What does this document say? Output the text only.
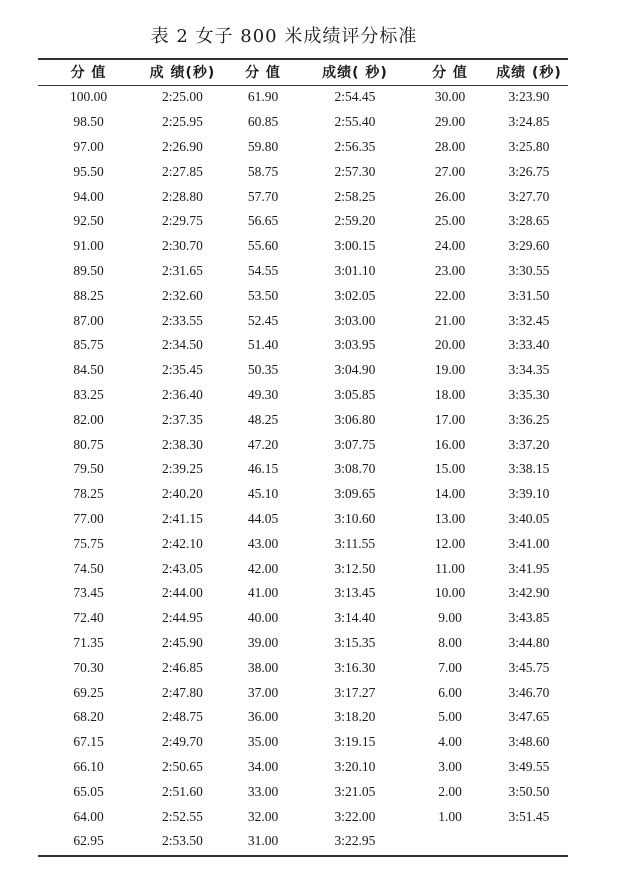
表 2 女子 800 米成绩评分标准
分 值	成 绩(秒)	分 值	成绩( 秒)	分 值	成绩 (秒)
100.00	2:25.00	61.90	2:54.45	30.00	3:23.90
98.50	2:25.95	60.85	2:55.40	29.00	3:24.85
97.00	2:26.90	59.80	2:56.35	28.00	3:25.80
95.50	2:27.85	58.75	2:57.30	27.00	3:26.75
94.00	2:28.80	57.70	2:58.25	26.00	3:27.70
92.50	2:29.75	56.65	2:59.20	25.00	3:28.65
91.00	2:30.70	55.60	3:00.15	24.00	3:29.60
89.50	2:31.65	54.55	3:01.10	23.00	3:30.55
88.25	2:32.60	53.50	3:02.05	22.00	3:31.50
87.00	2:33.55	52.45	3:03.00	21.00	3:32.45
85.75	2:34.50	51.40	3:03.95	20.00	3:33.40
84.50	2:35.45	50.35	3:04.90	19.00	3:34.35
83.25	2:36.40	49.30	3:05.85	18.00	3:35.30
82.00	2:37.35	48.25	3:06.80	17.00	3:36.25
80.75	2:38.30	47.20	3:07.75	16.00	3:37.20
79.50	2:39.25	46.15	3:08.70	15.00	3:38.15
78.25	2:40.20	45.10	3:09.65	14.00	3:39.10
77.00	2:41.15	44.05	3:10.60	13.00	3:40.05
75.75	2:42.10	43.00	3:11.55	12.00	3:41.00
74.50	2:43.05	42.00	3:12.50	11.00	3:41.95
73.45	2:44.00	41.00	3:13.45	10.00	3:42.90
72.40	2:44.95	40.00	3:14.40	9.00	3:43.85
71.35	2:45.90	39.00	3:15.35	8.00	3:44.80
70.30	2:46.85	38.00	3:16.30	7.00	3:45.75
69.25	2:47.80	37.00	3:17.27	6.00	3:46.70
68.20	2:48.75	36.00	3:18.20	5.00	3:47.65
67.15	2:49.70	35.00	3:19.15	4.00	3:48.60
66.10	2:50.65	34.00	3:20.10	3.00	3:49.55
65.05	2:51.60	33.00	3:21.05	2.00	3:50.50
64.00	2:52.55	32.00	3:22.00	1.00	3:51.45
62.95	2:53.50	31.00	3:22.95		
